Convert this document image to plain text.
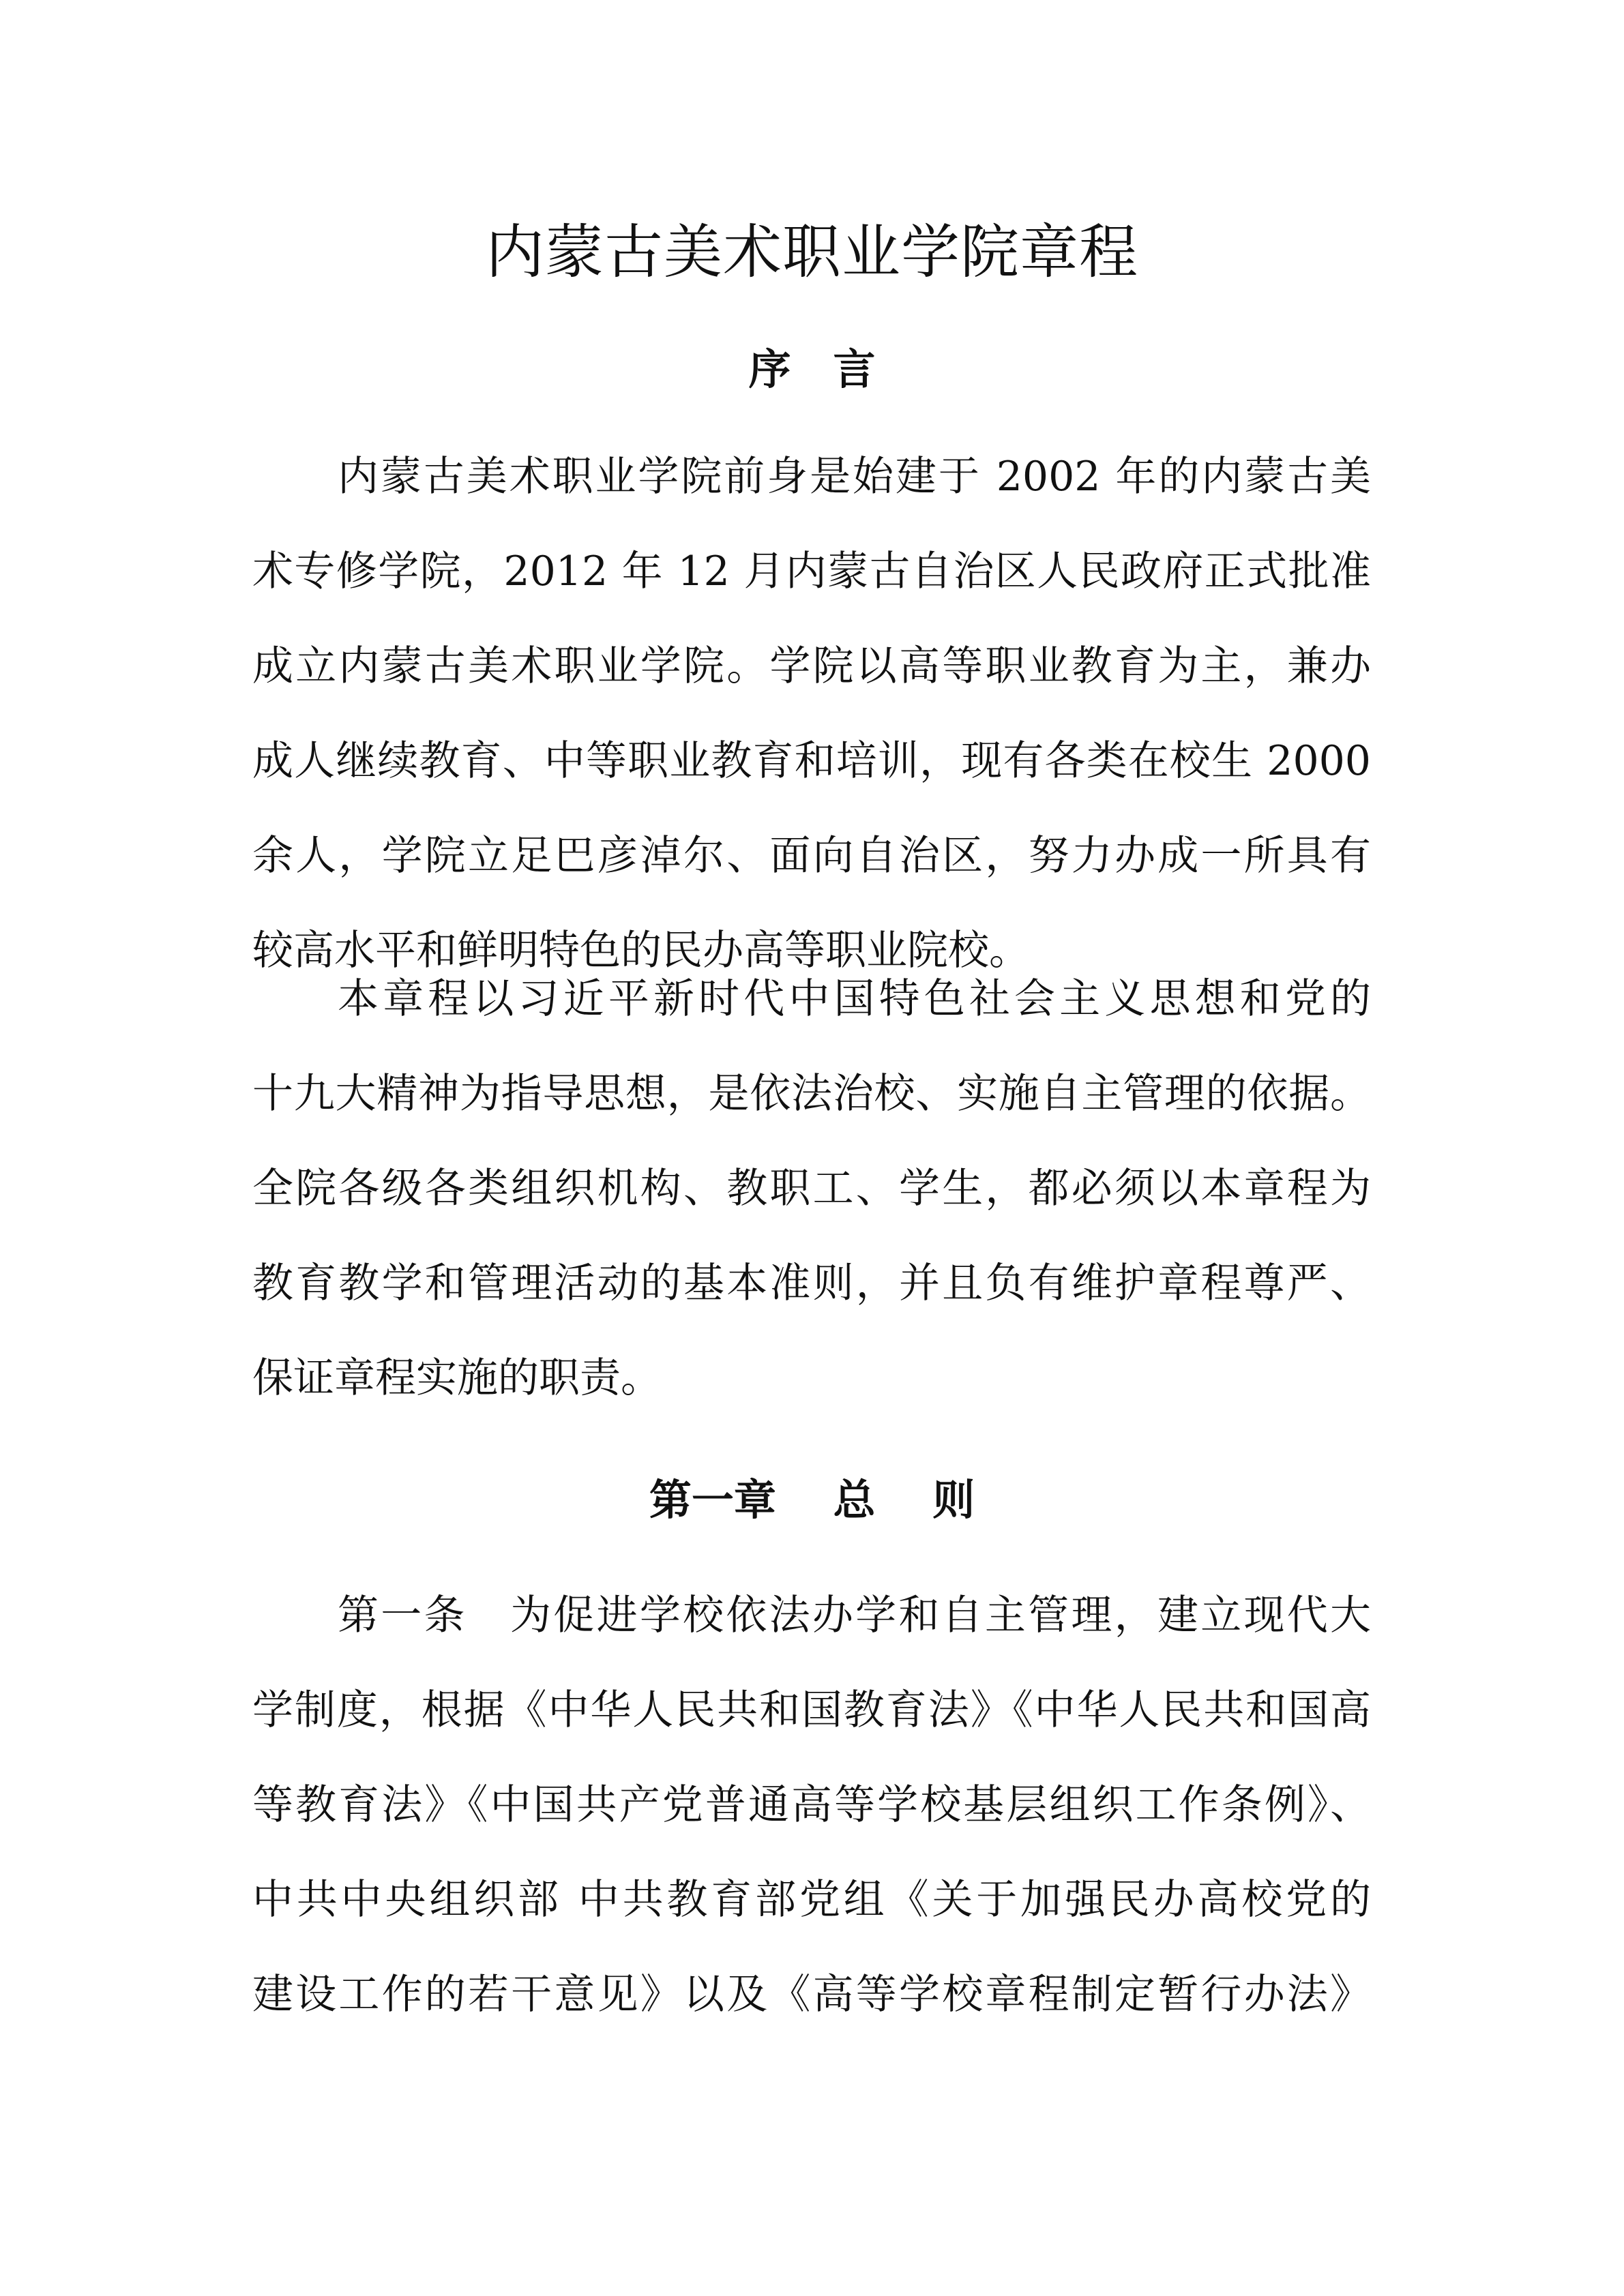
内蒙古美术职业学院章程
序　言
内蒙古美术职业学院前身是始建于 2002 年的内蒙古美
术专修学院，2012 年 12 月内蒙古自治区人民政府正式批准
成立内蒙古美术职业学院。学院以高等职业教育为主，兼办
成人继续教育、中等职业教育和培训，现有各类在校生 2000
余人，学院立足巴彦淖尔、面向自治区，努力办成一所具有
较高水平和鲜明特色的民办高等职业院校。
本章程以习近平新时代中国特色社会主义思想和党的
十九大精神为指导思想，是依法治校、实施自主管理的依据。
全院各级各类组织机构、教职工、学生，都必须以本章程为
教育教学和管理活动的基本准则，并且负有维护章程尊严、
保证章程实施的职责。
第一章　 总　 则
第一条　为促进学校依法办学和自主管理，建立现代大
学制度，根据《中华人民共和国教育法》《中华人民共和国高
等教育法》《中国共产党普通高等学校基层组织工作条例》、
中共中央组织部 中共教育部党组《关于加强民办高校党的
建设工作的若干意见》以及《高等学校章程制定暂行办法》
